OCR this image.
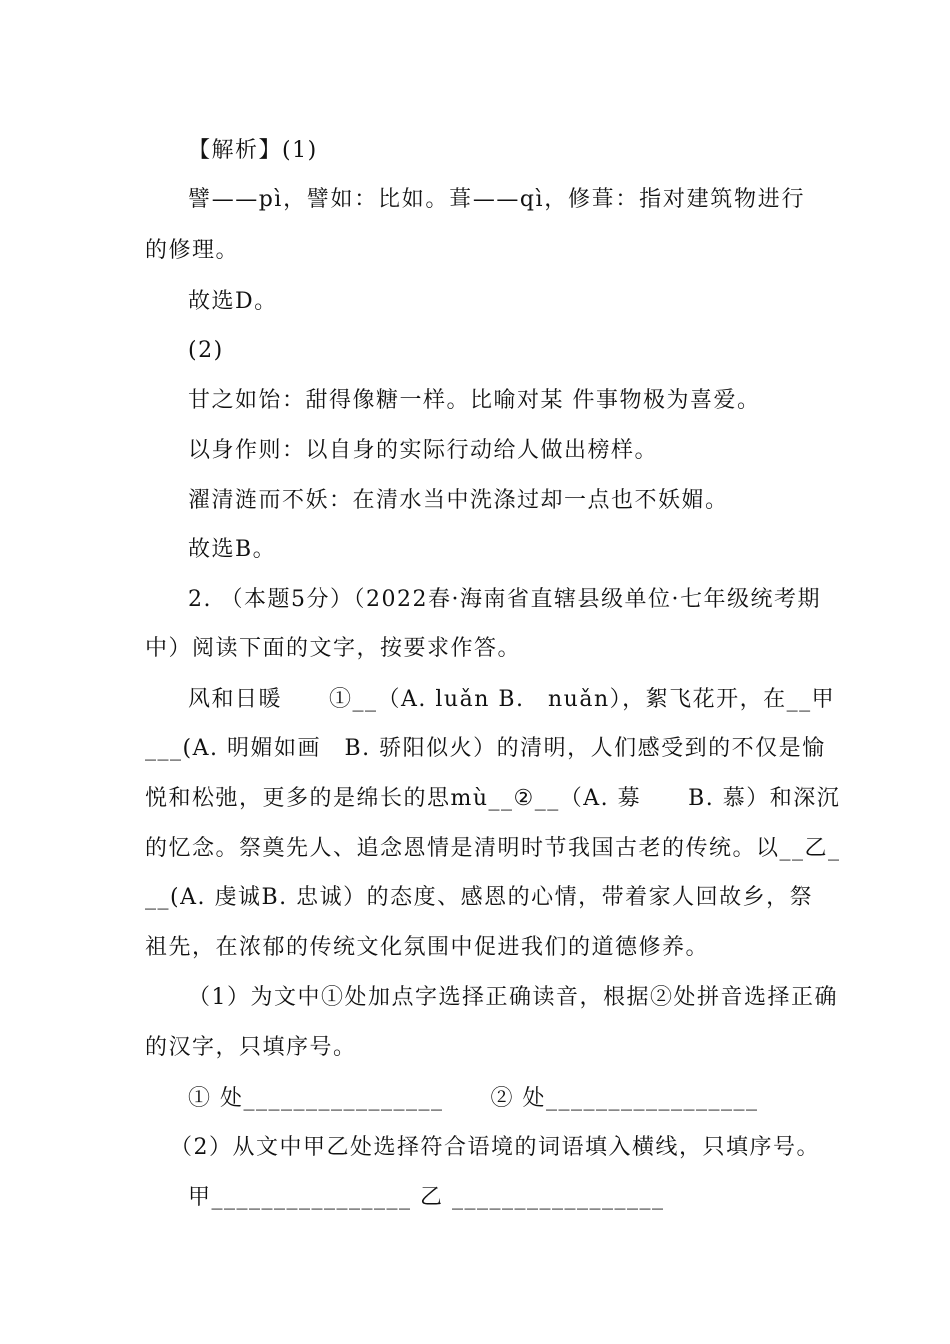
【解析】(1)
譬——pì，譬如：比如。葺——qì，修葺：指对建筑物进行
的修理。
故选D。
(2)
甘之如饴：甜得像糖一样。比喻对某 件事物极为喜爱。
以身作则：以自身的实际行动给人做出榜样。
濯清涟而不妖：在清水当中洗涤过却一点也不妖媚。
故选B。
2. （本题5分）（2022春·海南省直辖县级单位·七年级统考期
中）阅读下面的文字，按要求作答。
风和日暖　　①__（A. luǎn B.　nuǎn），絮飞花开，在__甲
___(A. 明媚如画　B. 骄阳似火）的清明，人们感受到的不仅是愉
悦和松弛，更多的是绵长的思mù__②__（A. 募　　B. 慕）和深沉
的忆念。祭奠先人、追念恩情是清明时节我国古老的传统。以__乙_
__(A. 虔诚B. 忠诚）的态度、感恩的心情，带着家人回故乡，祭
祖先，在浓郁的传统文化氛围中促进我们的道德修养。
（1）为文中①处加点字选择正确读音，根据②处拼音选择正确
的汉字，只填序号。
① 处________________　　② 处_________________
（2）从文中甲乙处选择符合语境的词语填入横线，只填序号。
甲________________ 乙 _________________
